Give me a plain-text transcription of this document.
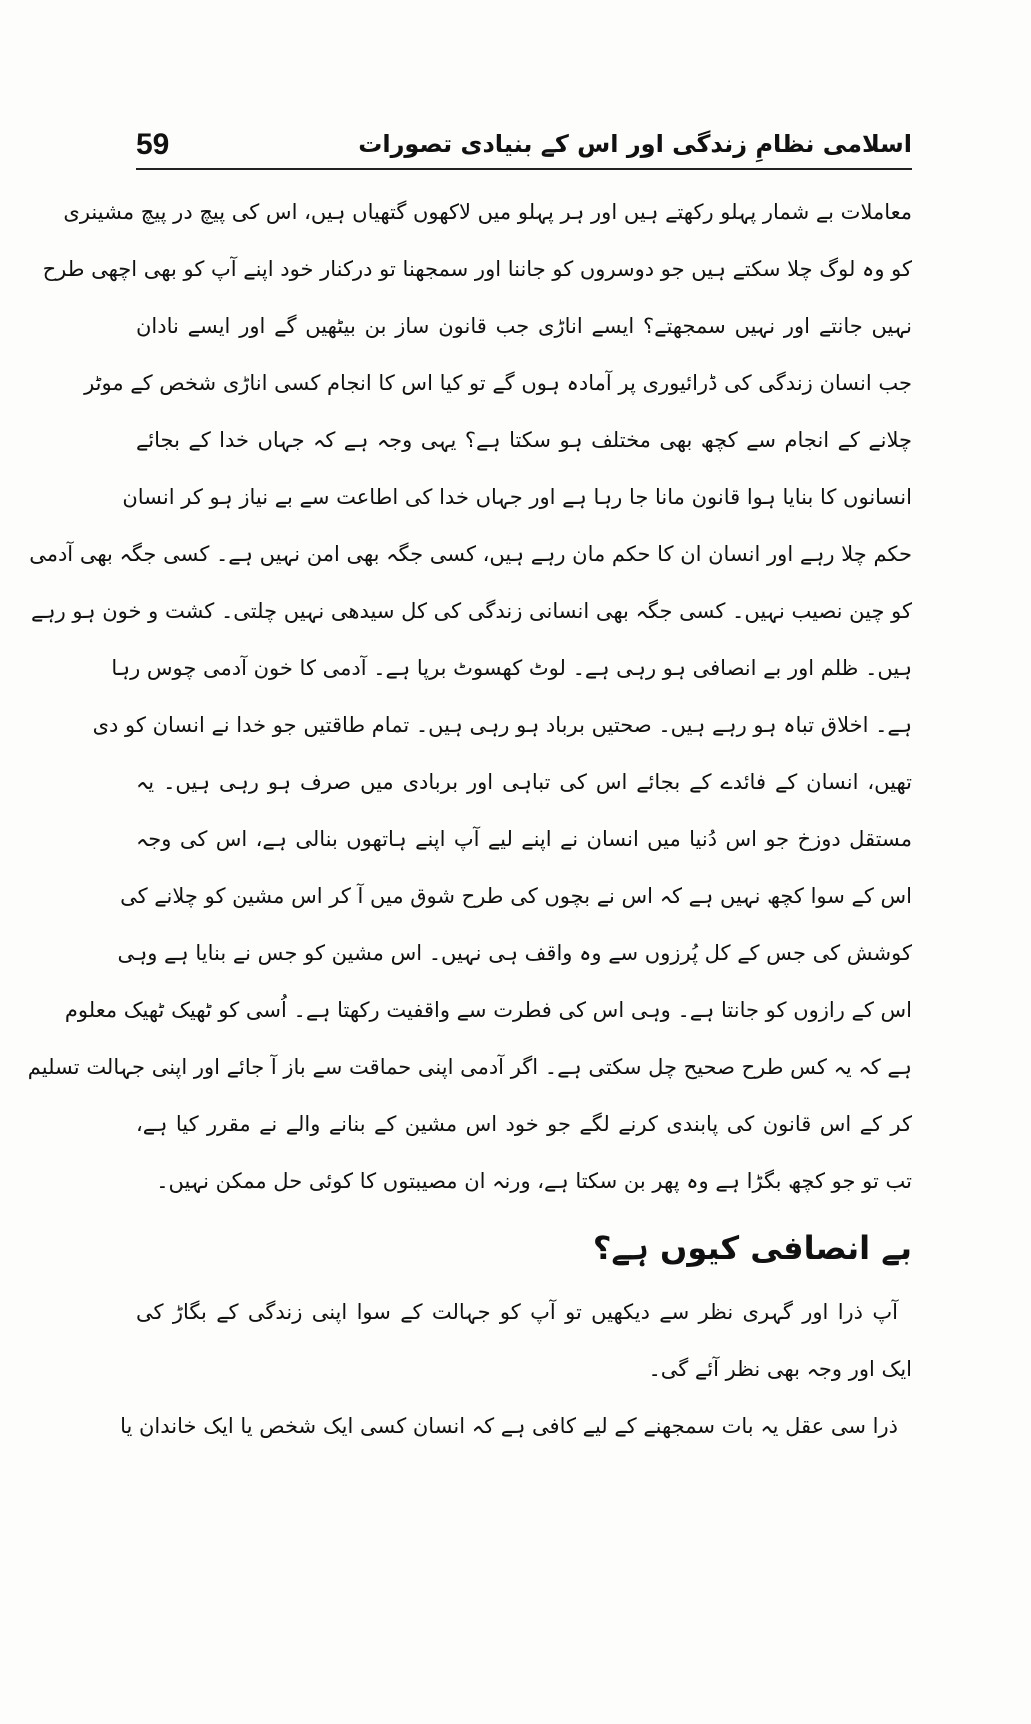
59	اسلامی نظامِ زندگی اور اس کے بنیادی تصورات
معاملات بے شمار پہلو رکھتے ہیں اور ہر پہلو میں لاکھوں گتھیاں ہیں، اس کی پیچ در پیچ مشینری
کو وہ لوگ چلا سکتے ہیں جو دوسروں کو جاننا اور سمجھنا تو درکنار خود اپنے آپ کو بھی اچھی طرح
نہیں جانتے اور نہیں سمجھتے؟ ایسے اناڑی جب قانون ساز بن بیٹھیں گے اور ایسے نادان
جب انسان زندگی کی ڈرائیوری پر آمادہ ہوں گے تو کیا اس کا انجام کسی اناڑی شخص کے موٹر
چلانے کے انجام سے کچھ بھی مختلف ہو سکتا ہے؟ یہی وجہ ہے کہ جہاں خدا کے بجائے
انسانوں کا بنایا ہوا قانون مانا جا رہا ہے اور جہاں خدا کی اطاعت سے بے نیاز ہو کر انسان
حکم چلا رہے اور انسان ان کا حکم مان رہے ہیں، کسی جگہ بھی امن نہیں ہے۔ کسی جگہ بھی آدمی
کو چین نصیب نہیں۔ کسی جگہ بھی انسانی زندگی کی کل سیدھی نہیں چلتی۔ کشت و خون ہو رہے
ہیں۔ ظلم اور بے انصافی ہو رہی ہے۔ لوٹ کھسوٹ برپا ہے۔ آدمی کا خون آدمی چوس رہا
ہے۔ اخلاق تباہ ہو رہے ہیں۔ صحتیں برباد ہو رہی ہیں۔ تمام طاقتیں جو خدا نے انسان کو دی
تھیں، انسان کے فائدے کے بجائے اس کی تباہی اور بربادی میں صرف ہو رہی ہیں۔ یہ
مستقل دوزخ جو اس دُنیا میں انسان نے اپنے لیے آپ اپنے ہاتھوں بنالی ہے، اس کی وجہ
اس کے سوا کچھ نہیں ہے کہ اس نے بچوں کی طرح شوق میں آ کر اس مشین کو چلانے کی
کوشش کی جس کے کل پُرزوں سے وہ واقف ہی نہیں۔ اس مشین کو جس نے بنایا ہے وہی
اس کے رازوں کو جانتا ہے۔ وہی اس کی فطرت سے واقفیت رکھتا ہے۔ اُسی کو ٹھیک ٹھیک معلوم
ہے کہ یہ کس طرح صحیح چل سکتی ہے۔ اگر آدمی اپنی حماقت سے باز آ جائے اور اپنی جہالت تسلیم
کر کے اس قانون کی پابندی کرنے لگے جو خود اس مشین کے بنانے والے نے مقرر کیا ہے،
تب تو جو کچھ بگڑا ہے وہ پھر بن سکتا ہے، ورنہ ان مصیبتوں کا کوئی حل ممکن نہیں۔
بے انصافی کیوں ہے؟
آپ ذرا اور گہری نظر سے دیکھیں تو آپ کو جہالت کے سوا اپنی زندگی کے بگاڑ کی
ایک اور وجہ بھی نظر آئے گی۔
ذرا سی عقل یہ بات سمجھنے کے لیے کافی ہے کہ انسان کسی ایک شخص یا ایک خاندان یا
